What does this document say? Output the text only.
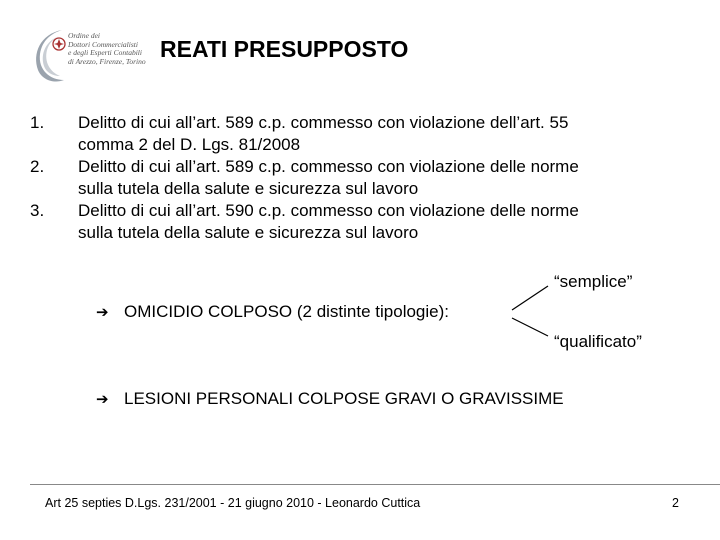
Ordine dei
Dottori Commercialisti
e degli Esperti Contabili
di Arezzo, Firenze, Torino REATI PRESUPPOSTO
1.	Delitto di cui all’art. 589 c.p. commesso con violazione dell’art. 55
comma 2 del D. Lgs. 81/2008
2.	Delitto di cui all’art. 589 c.p. commesso con violazione delle norme
sulla tutela della salute e sicurezza sul lavoro
3.	Delitto di cui all’art. 590 c.p. commesso con violazione delle norme
sulla tutela della salute e sicurezza sul lavoro
“semplice”
“qualificato”
➔ OMICIDIO COLPOSO (2 distinte tipologie):
➔ LESIONI PERSONALI COLPOSE GRAVI O GRAVISSIME
Art 25 septies D.Lgs. 231/2001 - 21 giugno 2010 - Leonardo Cuttica	2
